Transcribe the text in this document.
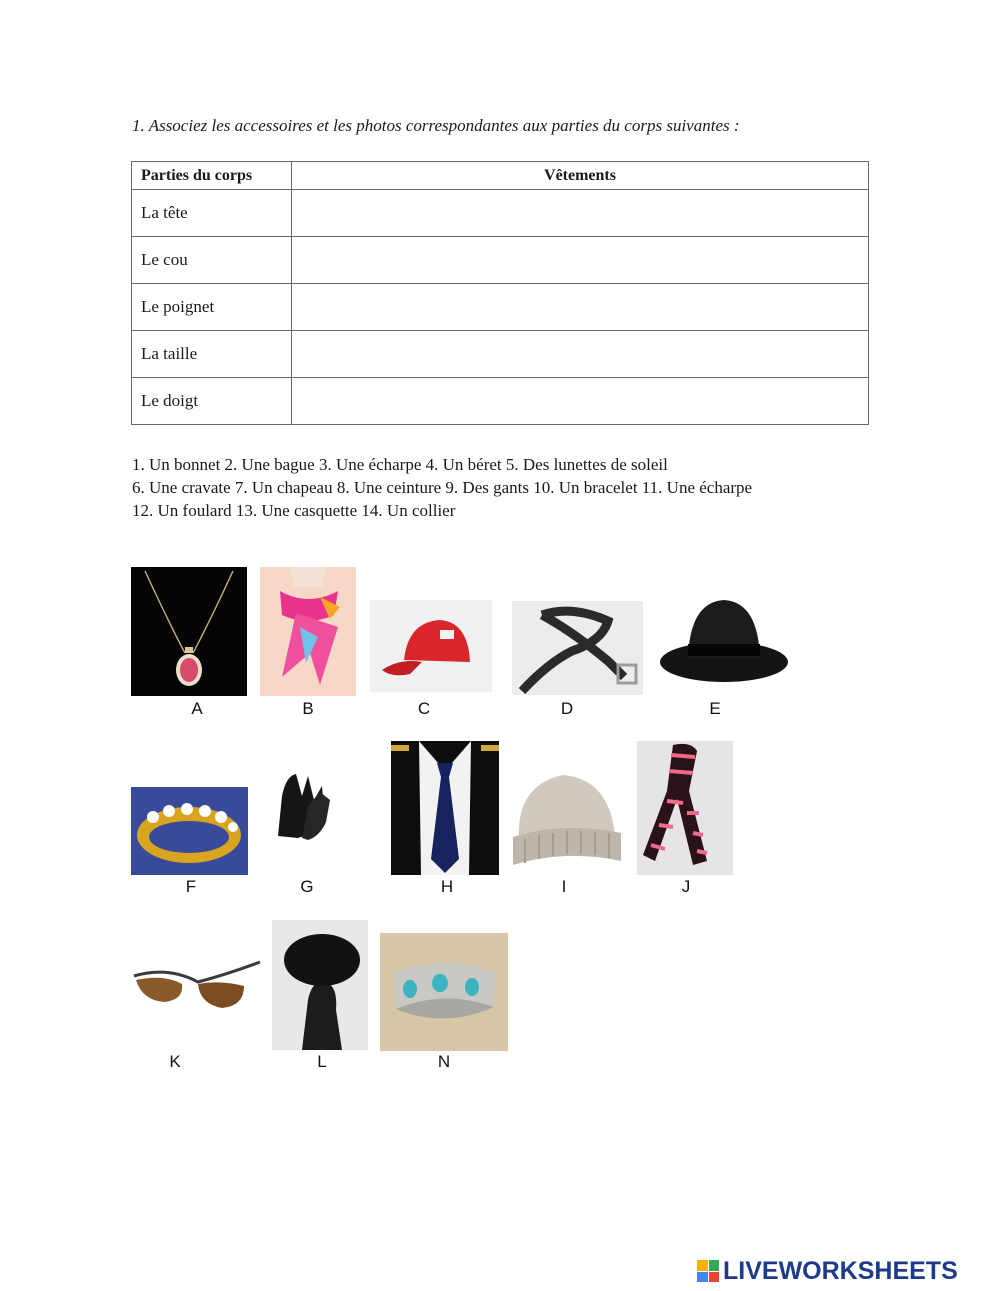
1. Associez les accessoires et les photos correspondantes aux parties du corps suivantes :
Parties du corps	Vêtements
La tête	
Le cou	
Le poignet	
La taille	
Le doigt	
1. Un bonnet 2. Une bague 3. Une écharpe 4. Un béret 5. Des lunettes de soleil
6. Une cravate 7. Un chapeau 8. Une ceinture 9. Des gants 10. Un bracelet 11. Une écharpe
12. Un foulard 13. Une casquette 14. Un collier
A	B	C	D	E
F	G	H	I	J
K	L	N
LIVEWORKSHEETS
